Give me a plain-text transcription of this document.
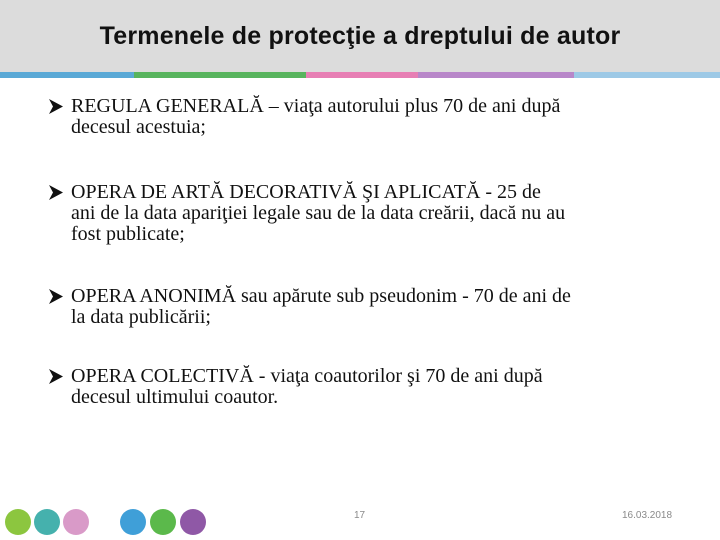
Termenele de protecţie a dreptului de autor
REGULA GENERALĂ – viaţa autorului plus 70 de ani după
decesul acestuia;
OPERA DE ARTĂ DECORATIVĂ ŞI APLICATĂ - 25 de
ani de la data apariţiei legale sau de la data creării, dacă nu au
fost publicate;
OPERA ANONIMĂ sau apărute sub pseudonim - 70 de ani de
la data publicării;
OPERA COLECTIVĂ - viaţa coautorilor şi 70 de ani după
decesul ultimului coautor.
17	16.03.2018
